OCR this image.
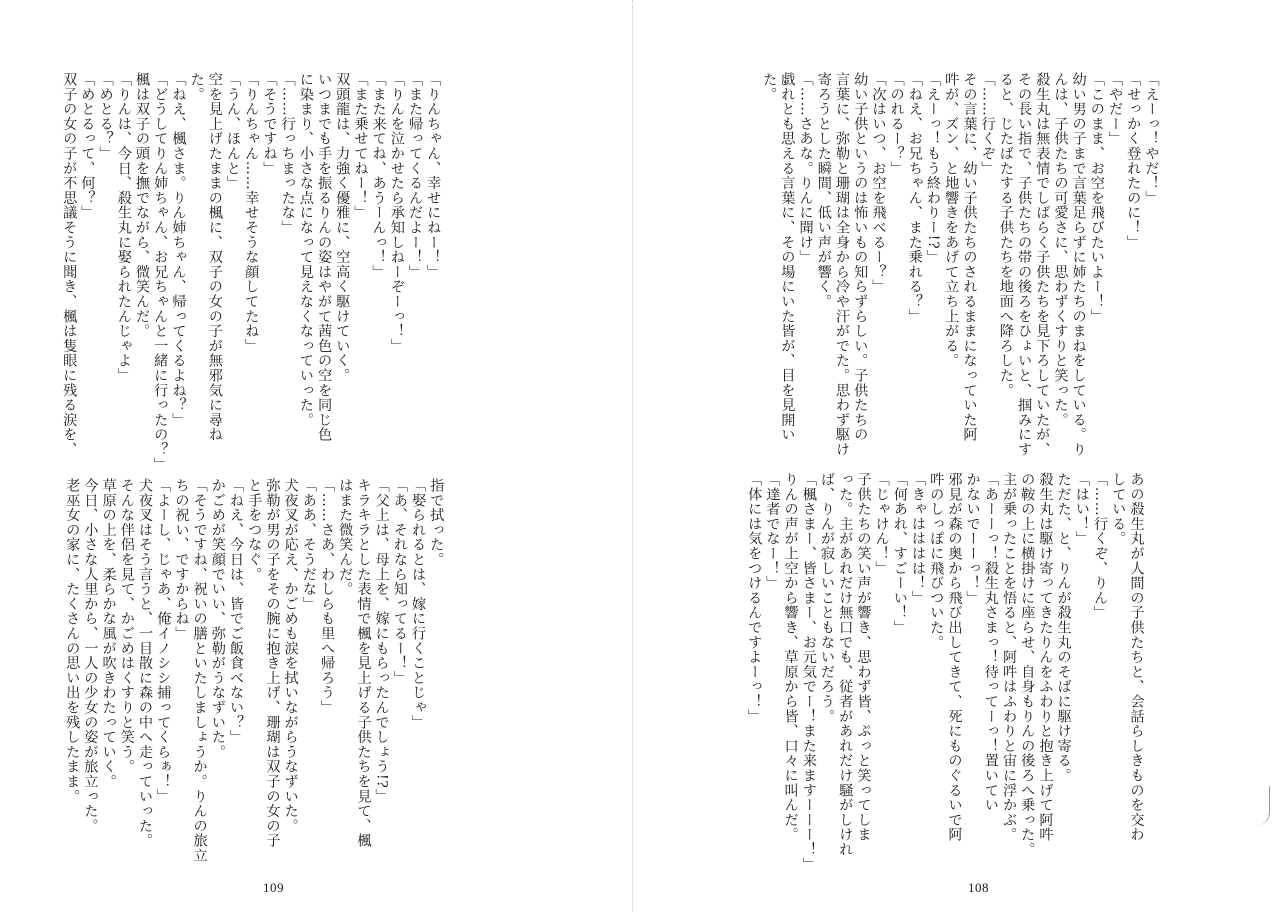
「りんちゃん、幸せにねー！」
「また帰ってくるんだよー！」
「りんを泣かせたら承知しねーぞーっ！」
「また来てね、あうーんっ！」
「また乗せてねー！」
双頭龍は、力強く優雅に、空高く駆けていく。
いつまでも手を振るりんの姿はやがて茜色の空を同じ色
に染まり、小さな点になって見えなくなっていった。
「……行っちまったな」
「そうですね」
「りんちゃん……幸せそうな顔してたね」
「うん、ほんと」
空を見上げたままの楓に、双子の女の子が無邪気に尋ね
た。
「ねえ、楓さま。りん姉ちゃん、帰ってくるよね？」
「どうしてりん姉ちゃん、お兄ちゃんと一緒に行ったの？」
楓は双子の頭を撫でながら、微笑んだ。
「りんは、今日、殺生丸に娶られたんじゃよ」
「めとる？」
「めとるって、何？」
双子の女の子が不思議そうに聞き、楓は隻眼に残る涙を、
指で拭った。
「娶られるとは、嫁に行くことじゃ」
「あ、それなら知ってるー！」
「父上は、母上を、嫁にもらったんでしょう!?」
キラキラとした表情で楓を見上げる子供たちを見て、楓
はまた微笑んだ。
「……さあ、わしらも里へ帰ろう」
「ああ、そうだな」
犬夜叉が応え、かごめも涙を拭いながらうなずいた。
弥勒が男の子をその腕に抱き上げ、珊瑚は双子の女の子
と手をつなぐ。
「ねえ、今日は、皆でご飯食べない？」
かごめが笑顔でいい、弥勒がうなずいた。
「そうですね、祝いの膳といたしましょうか。りんの旅立
ちの祝い、ですからね」
「よーし、じゃあ、俺イノシシ捕ってくらぁ！」
犬夜叉はそう言うと、一目散に森の中へ走っていった。
そんな伴侶を見て、かごめはくすりと笑う。
草原の上を、柔らかな風が吹きわたっていく。
今日、小さな人里から、一人の少女の姿が旅立った。
老巫女の家に、たくさんの思い出を残したまま。
109
「えーっ！やだ！」
「せっかく登れたのに！」
「やだー」
「このまま、お空を飛びたいよー！」
幼い男の子まで言葉足らずに姉たちのまねをしている。り
んは、子供たちの可愛さに、思わずくすりと笑った。
殺生丸は無表情でしばらく子供たちを見下ろしていたが、
その長い指で、子供たちの帯の後ろをひょいと、掴みにす
ると、じたばたする子供たちを地面へ降ろした。
「……行くぞ」
その言葉に、幼い子供たちのされるままになっていた阿
吽が、ズン、と地響きをあげて立ち上がる。
「えーっ！もう終わりー!?」
「ねえ、お兄ちゃん、また乗れる？」
「のれるー？」
「次はいつ、お空を飛べるー？」
幼い子供というのは怖いもの知らずらしい。子供たちの
言葉に、弥勒と珊瑚は全身から冷や汗がでた。思わず駆け
寄ろうとした瞬間、低い声が響く。
「……さあな。りんに聞け」
戯れとも思える言葉に、その場にいた皆が、目を見開い
た。
あの殺生丸が人間の子供たちと、会話らしきものを交わ
している。
「……行くぞ、りん」
「はい！」
ただた、と、りんが殺生丸のそばに駆け寄る。
殺生丸は駆け寄ってきたりんをふわりと抱き上げて阿吽
の鞍の上に横掛けに座らせ、自身もりんの後ろへ乗った。
主が乗ったことを悟ると、阿吽はふわりと宙に浮かぶ。
「あーーっ！殺生丸さまっ！待ってーっ！置いてい
かないでーーっ！」
邪見が森の奥から飛び出してきて、死にものぐるいで阿
吽のしっぽに飛びついた。
「きゃはははは！」
「何あれ、すごーい！」
「じゃけん！」
子供たちの笑い声が響き、思わず皆、ぷっと笑ってしま
った。主があれだけ無口でも、従者があれだけ騒がしけれ
ば、りんが寂しいこともないだろう。
「楓さまー、皆さまー、お元気でー！また来ますーーー！」
りんの声が上空から響き、草原から皆、口々に叫んだ。
「達者でなー！」
「体には気をつけるんですよーっ！」
108
